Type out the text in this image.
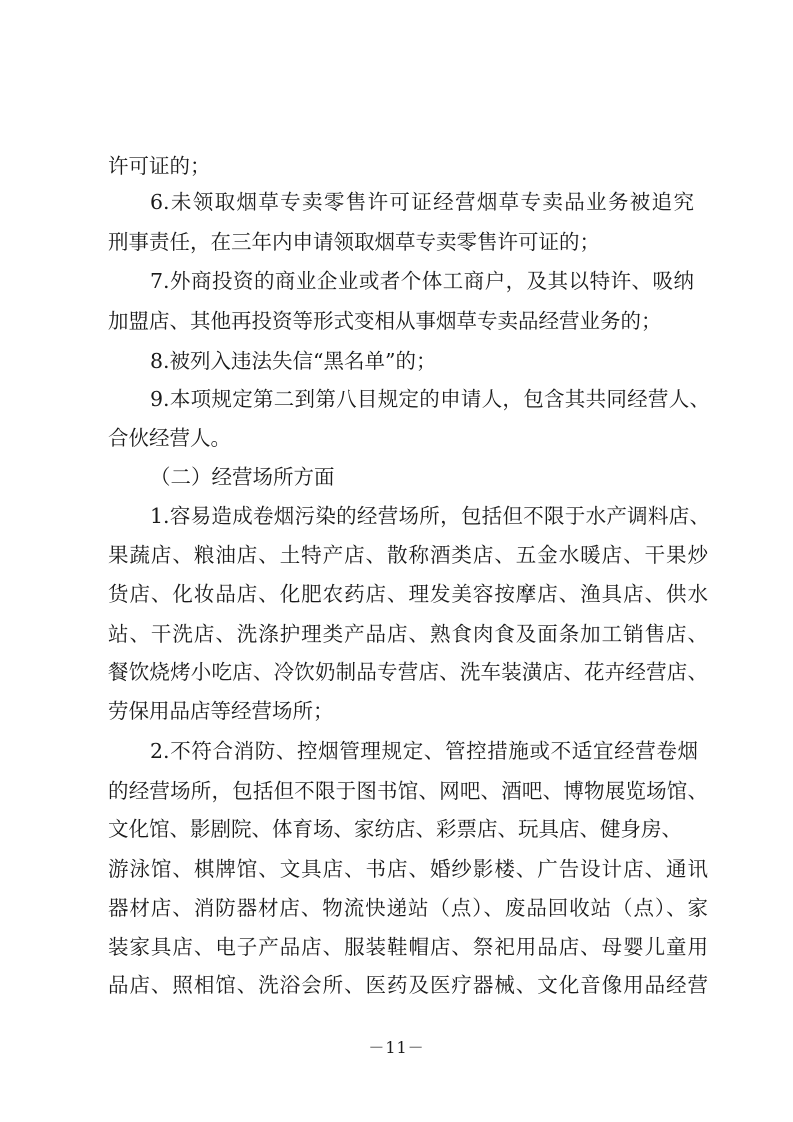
许可证的；
6.未领取烟草专卖零售许可证经营烟草专卖品业务被追究
刑事责任，在三年内申请领取烟草专卖零售许可证的；
7.外商投资的商业企业或者个体工商户，及其以特许、吸纳
加盟店、其他再投资等形式变相从事烟草专卖品经营业务的；
8.被列入违法失信“黑名单”的；
9.本项规定第二到第八目规定的申请人，包含其共同经营人、
合伙经营人。
（二）经营场所方面
1.容易造成卷烟污染的经营场所，包括但不限于水产调料店、
果蔬店、粮油店、土特产店、散称酒类店、五金水暖店、干果炒
货店、化妆品店、化肥农药店、理发美容按摩店、渔具店、供水
站、干洗店、洗涤护理类产品店、熟食肉食及面条加工销售店、
餐饮烧烤小吃店、冷饮奶制品专营店、洗车装潢店、花卉经营店、
劳保用品店等经营场所；
2.不符合消防、控烟管理规定、管控措施或不适宜经营卷烟
的经营场所，包括但不限于图书馆、网吧、酒吧、博物展览场馆、
文化馆、影剧院、体育场、家纺店、彩票店、玩具店、健身房、
游泳馆、棋牌馆、文具店、书店、婚纱影楼、广告设计店、通讯
器材店、消防器材店、物流快递站（点）、废品回收站（点）、家
装家具店、电子产品店、服装鞋帽店、祭祀用品店、母婴儿童用
品店、照相馆、洗浴会所、医药及医疗器械、文化音像用品经营
－11－
